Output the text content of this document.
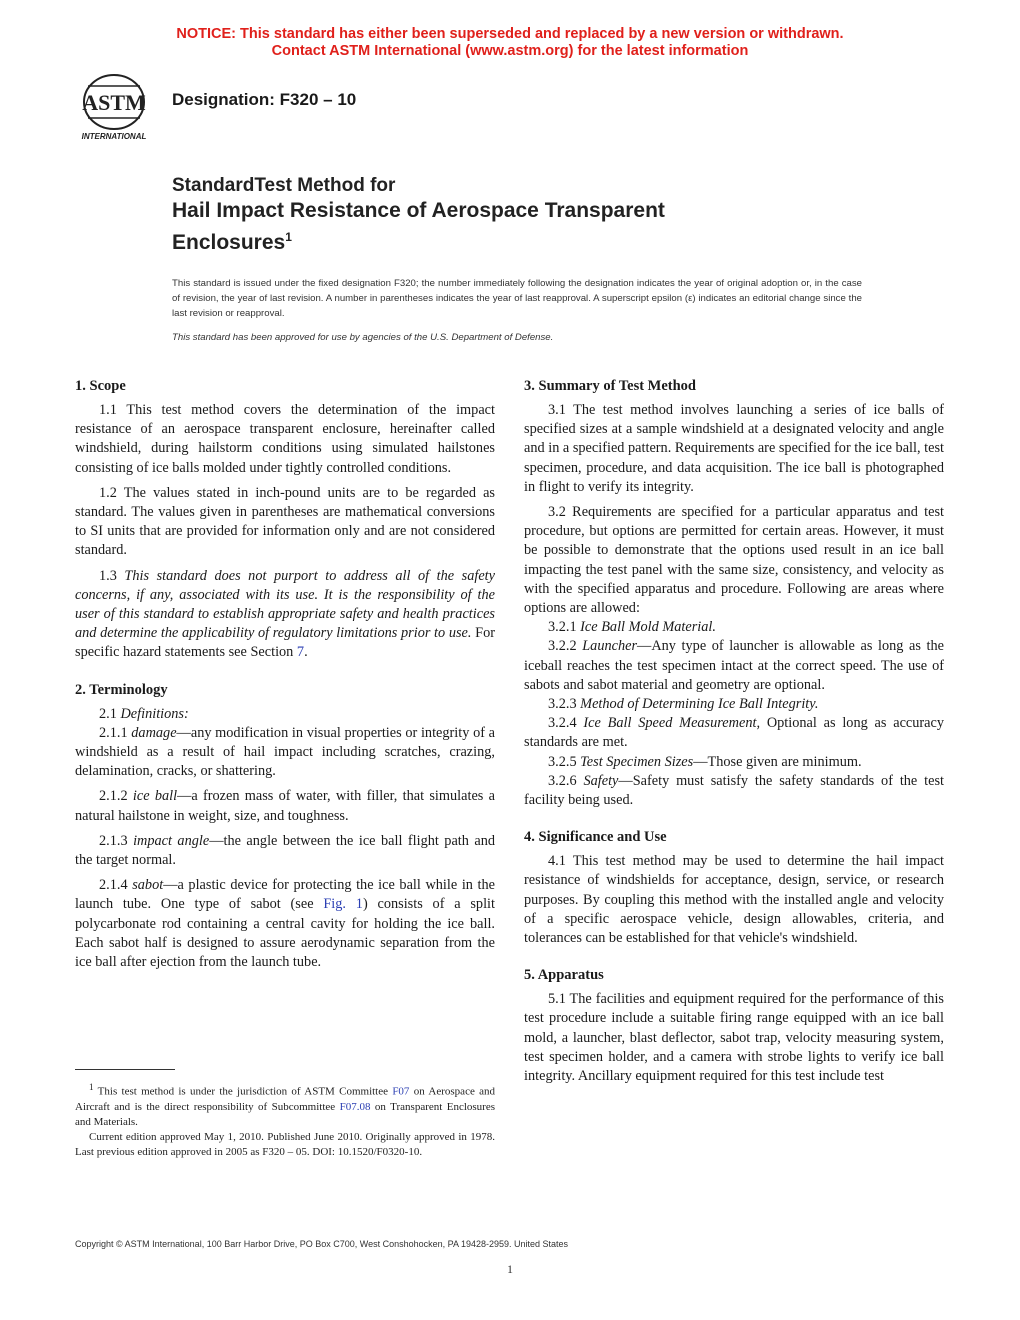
NOTICE: This standard has either been superseded and replaced by a new version or withdrawn.
Contact ASTM International (www.astm.org) for the latest information
ASTM
INTERNATIONAL
Designation: F320 – 10
StandardTest Method for
Hail Impact Resistance of Aerospace Transparent
Enclosures$^1$
This standard is issued under the fixed designation F320; the number immediately following the designation indicates the year of original adoption or, in the case of revision, the year of last revision. A number in parentheses indicates the year of last reapproval. A superscript epsilon (ε) indicates an editorial change since the last revision or reapproval.
This standard has been approved for use by agencies of the U.S. Department of Defense.
1. Scope

1.1 This test method covers the determination of the impact resistance of an aerospace transparent enclosure, hereinafter called windshield, during hailstorm conditions using simulated hailstones consisting of ice balls molded under tightly controlled conditions.

1.2 The values stated in inch-pound units are to be regarded as standard. The values given in parentheses are mathematical conversions to SI units that are provided for information only and are not considered standard.

1.3 This standard does not purport to address all of the safety concerns, if any, associated with its use. It is the responsibility of the user of this standard to establish appropriate safety and health practices and determine the applicability of regulatory limitations prior to use. For specific hazard statements see Section 7.

2. Terminology

2.1 Definitions:

2.1.1 damage—any modification in visual properties or integrity of a windshield as a result of hail impact including scratches, crazing, delamination, cracks, or shattering.

2.1.2 ice ball—a frozen mass of water, with filler, that simulates a natural hailstone in weight, size, and toughness.

2.1.3 impact angle—the angle between the ice ball flight path and the target normal.

2.1.4 sabot—a plastic device for protecting the ice ball while in the launch tube. One type of sabot (see Fig. 1) consists of a split polycarbonate rod containing a central cavity for holding the ice ball. Each sabot half is designed to assure aerodynamic separation from the ice ball after ejection from the launch tube.

3. Summary of Test Method

3.1 The test method involves launching a series of ice balls of specified sizes at a sample windshield at a designated velocity and angle and in a specified pattern. Requirements are specified for the ice ball, test specimen, procedure, and data acquisition. The ice ball is photographed in flight to verify its integrity.

3.2 Requirements are specified for a particular apparatus and test procedure, but options are permitted for certain areas. However, it must be possible to demonstrate that the options used result in an ice ball impacting the test panel with the same size, consistency, and velocity as with the specified apparatus and procedure. Following are areas where options are allowed:

3.2.1 Ice Ball Mold Material.

3.2.2 Launcher—Any type of launcher is allowable as long as the iceball reaches the test specimen intact at the correct speed. The use of sabots and sabot material and geometry are optional.

3.2.3 Method of Determining Ice Ball Integrity.

3.2.4 Ice Ball Speed Measurement, Optional as long as accuracy standards are met.

3.2.5 Test Specimen Sizes—Those given are minimum.

3.2.6 Safety—Safety must satisfy the safety standards of the test facility being used.

4. Significance and Use

4.1 This test method may be used to determine the hail impact resistance of windshields for acceptance, design, service, or research purposes. By coupling this method with the installed angle and velocity of a specific aerospace vehicle, design allowables, criteria, and tolerances can be established for that vehicle's windshield.

5. Apparatus

5.1 The facilities and equipment required for the performance of this test procedure include a suitable firing range equipped with an ice ball mold, a launcher, blast deflector, sabot trap, velocity measuring system, test specimen holder, and a camera with strobe lights to verify ice ball integrity. Ancillary equipment required for this test include test

$^1$ This test method is under the jurisdiction of ASTM Committee F07 on Aerospace and Aircraft and is the direct responsibility of Subcommittee F07.08 on Transparent Enclosures and Materials.

Current edition approved May 1, 2010. Published June 2010. Originally approved in 1978. Last previous edition approved in 2005 as F320 – 05. DOI: 10.1520/F0320-10.

Copyright © ASTM International, 100 Barr Harbor Drive, PO Box C700, West Conshohocken, PA 19428-2959. United States
1
